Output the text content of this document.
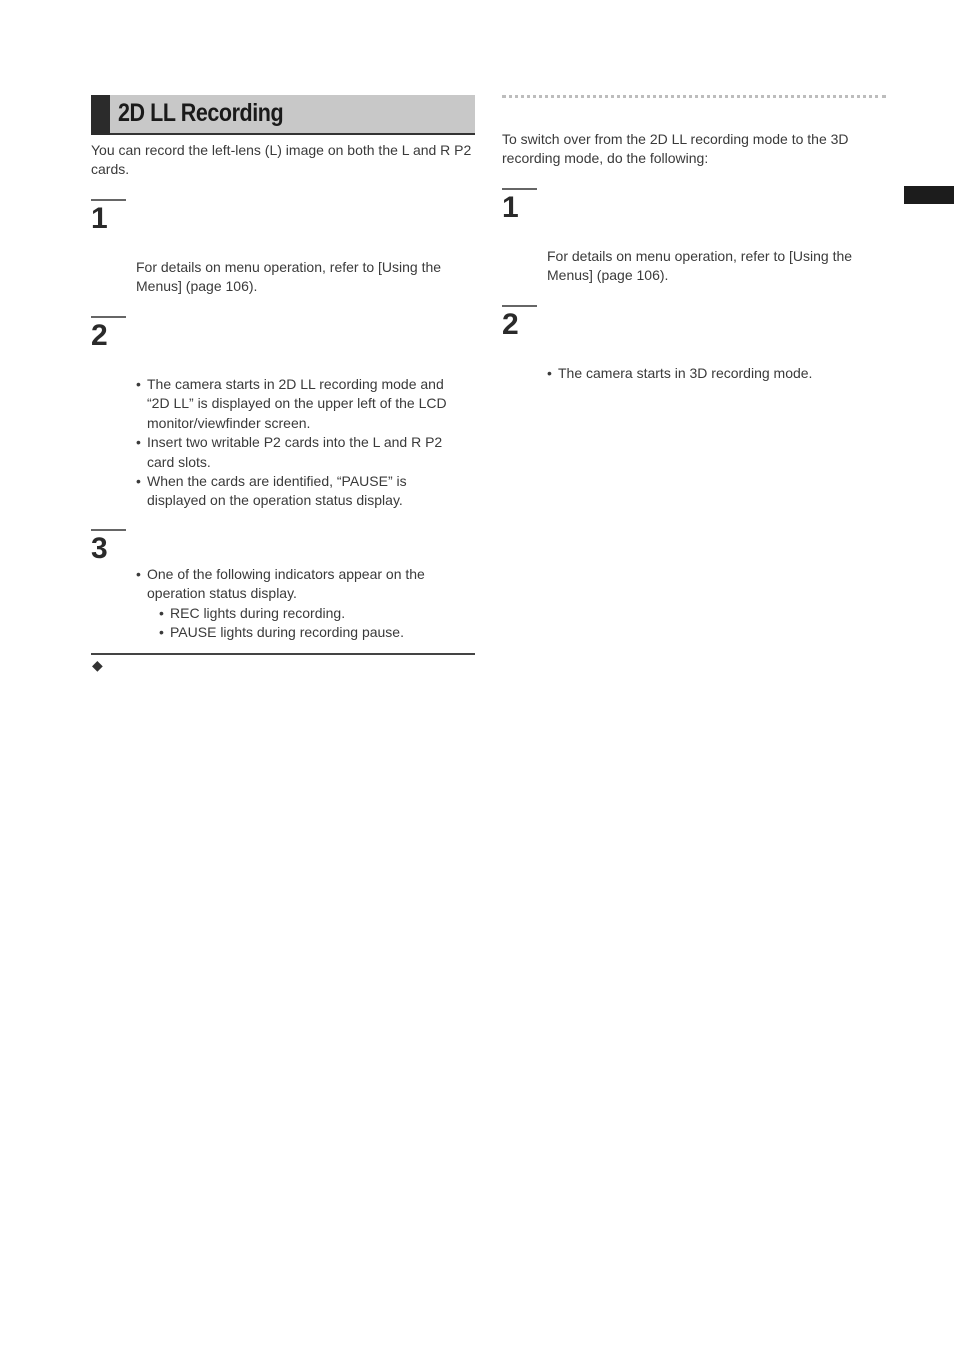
2D LL Recording
You can record the left-lens (L) image on both the L and R P2 cards.
1
For details on menu operation, refer to [Using the Menus] (page 106).
2
• The camera starts in 2D LL recording mode and “2D LL” is displayed on the upper left of the LCD monitor/viewfinder screen.
• Insert two writable P2 cards into the L and R P2 card slots.
• When the cards are identified, “PAUSE” is displayed on the operation status display.
3
• One of the following indicators appear on the operation status display.
• REC lights during recording.
• PAUSE lights during recording pause.
◆
To switch over from the 2D LL recording mode to the 3D recording mode, do the following:
1
For details on menu operation, refer to [Using the Menus] (page 106).
2
• The camera starts in 3D recording mode.
